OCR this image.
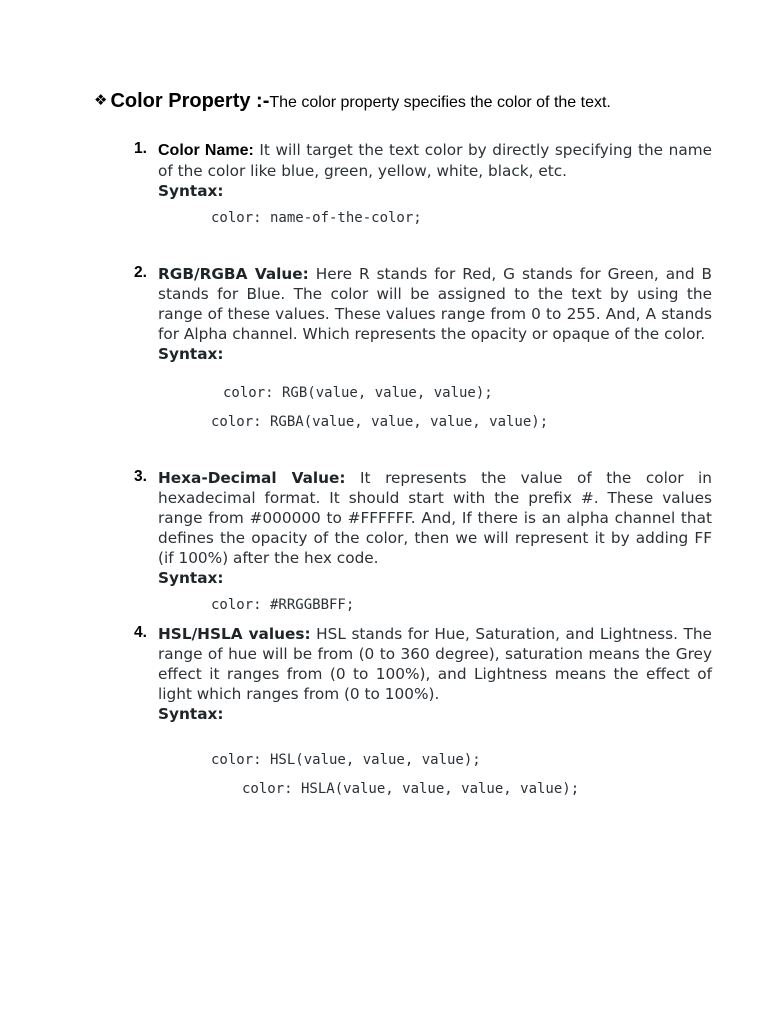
❖ Color Property :-The color property specifies the color of the text.
1. Color Name: It will target the text color by directly specifying the name of the color like blue, green, yellow, white, black, etc.

Syntax:
color: name-of-the-color;
2. RGB/RGBA Value: Here R stands for Red, G stands for Green, and B stands for Blue. The color will be assigned to the text by using the range of these values. These values range from 0 to 255. And, A stands for Alpha channel. Which represents the opacity or opaque of the color.

Syntax:
color: RGB(value, value, value);
color: RGBA(value, value, value, value);
3. Hexa-Decimal Value: It represents the value of the color in hexadecimal format. It should start with the prefix #. These values range from #000000 to #FFFFFF. And, If there is an alpha channel that defines the opacity of the color, then we will represent it by adding FF (if 100%) after the hex code.

Syntax:
color: #RRGGBBFF;
4. HSL/HSLA values: HSL stands for Hue, Saturation, and Lightness. The range of hue will be from (0 to 360 degree), saturation means the Grey effect it ranges from (0 to 100%), and Lightness means the effect of light which ranges from (0 to 100%).

Syntax:
color: HSL(value, value, value);
color: HSLA(value, value, value, value);
